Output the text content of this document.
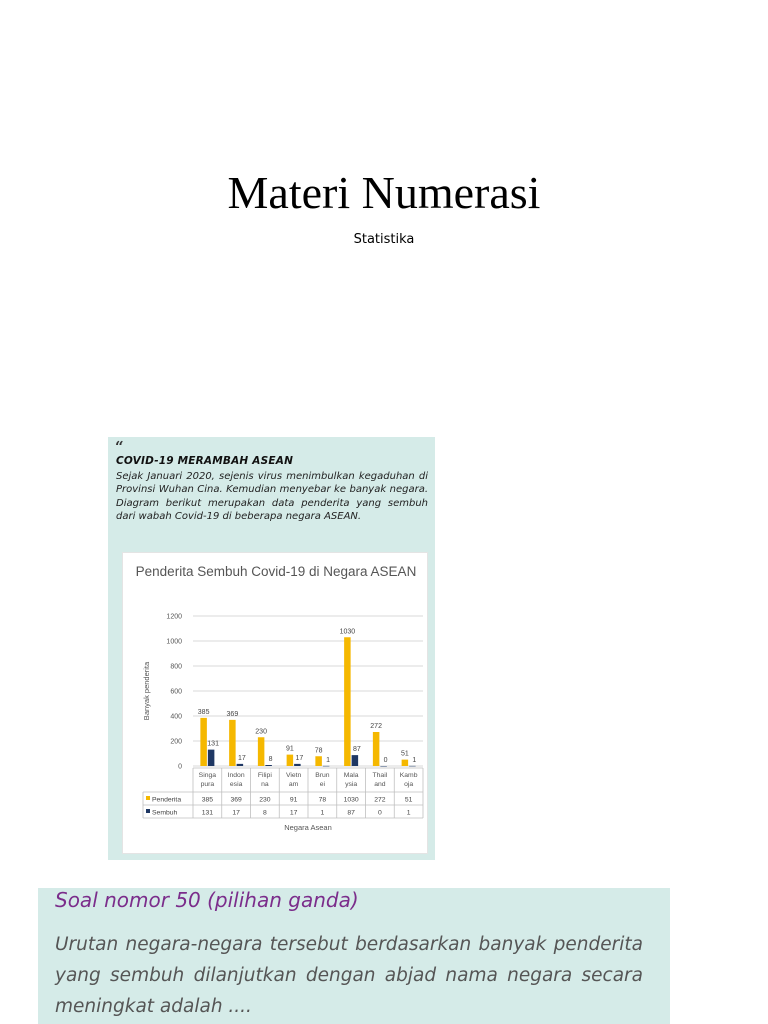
Materi Numerasi
Statistika
“
COVID-19 MERAMBAH ASEAN
Sejak Januari 2020, sejenis virus menimbulkan kegaduhan di Provinsi Wuhan Cina. Kemudian menyebar ke banyak negara. Diagram berikut merupakan data penderita yang sembuh dari wabah Covid-19 di beberapa negara ASEAN.
Penderita Sembuh Covid-19 di Negara ASEAN
0
200
400
600
800
1000
1200
Banyak penderita	385
131
369
17
230
8
91
17
78
1
1030
87
272
0
51
1
Singa
pura
385
131
Indon
esia
369
17
Filipi
na
230
8
Vietn
am
91
17
Brun
ei
78
1
Mala
ysia
1030
87
Thail
and
272
0
Kamb
oja
51
1
Penderita
Sembuh
Negara Asean
Soal nomor 50 (pilihan ganda)
Urutan negara-negara tersebut berdasarkan banyak penderita yang sembuh dilanjutkan dengan abjad nama negara secara meningkat adalah ....
